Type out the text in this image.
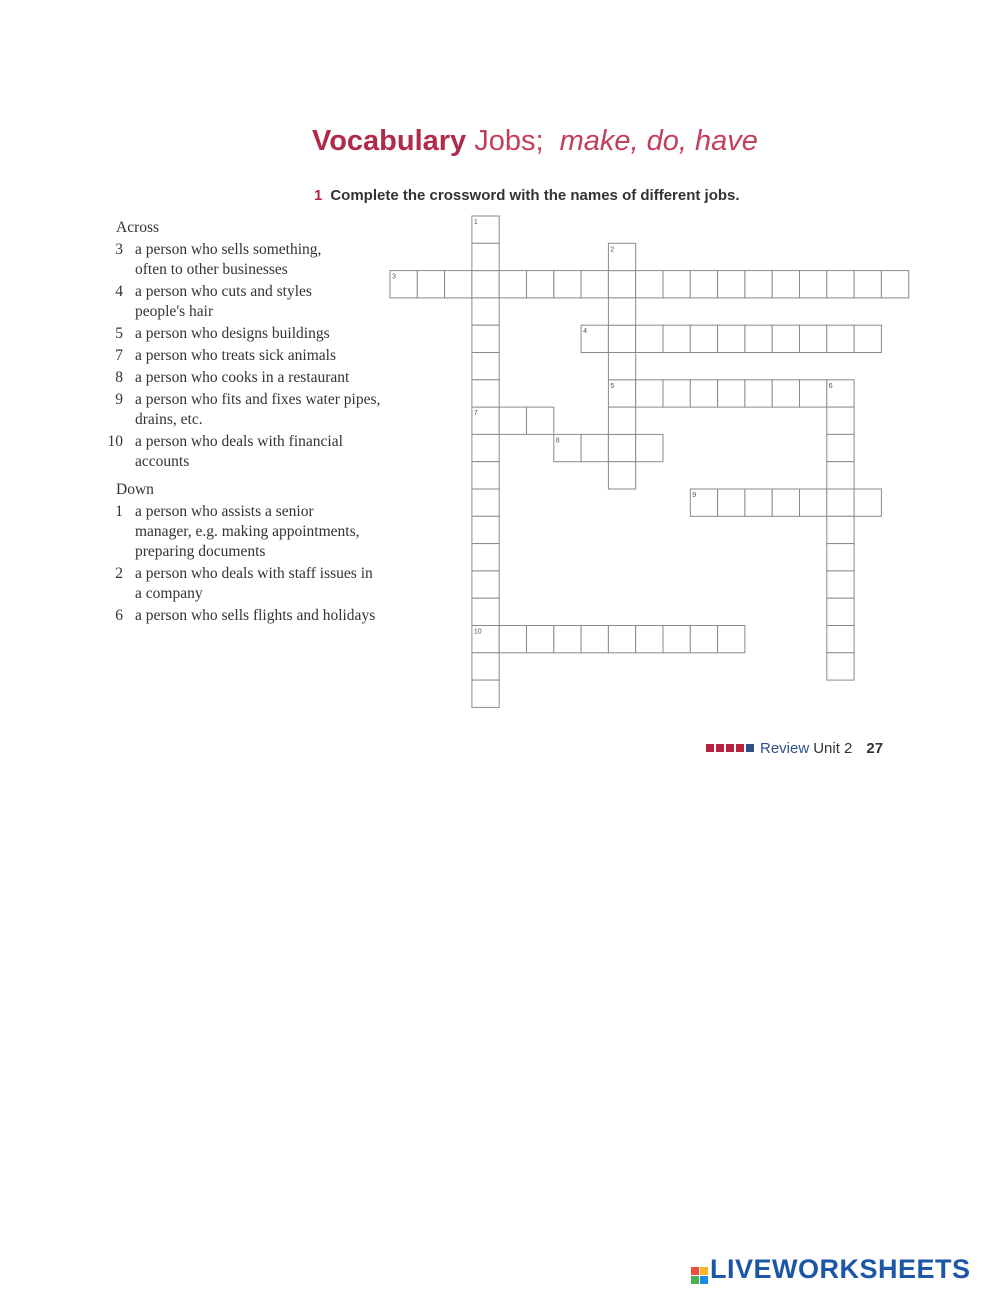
Vocabulary Jobs; make, do, have
1 Complete the crossword with the names of different jobs.
Across
3 a person who sells something,
often to other businesses
4 a person who cuts and styles
people's hair
5 a person who designs buildings
7 a person who treats sick animals
8 a person who cooks in a restaurant
9 a person who fits and fixes water pipes,
drains, etc.
10 a person who deals with financial
accounts
Down
1 a person who assists a senior
manager, e.g. making appointments,
preparing documents
2 a person who deals with staff issues in
a company
6 a person who sells flights and holidays
3
4
5
7
8
9
10
1
2
6
Review Unit 2 27
LIVEWORKSHEETS
